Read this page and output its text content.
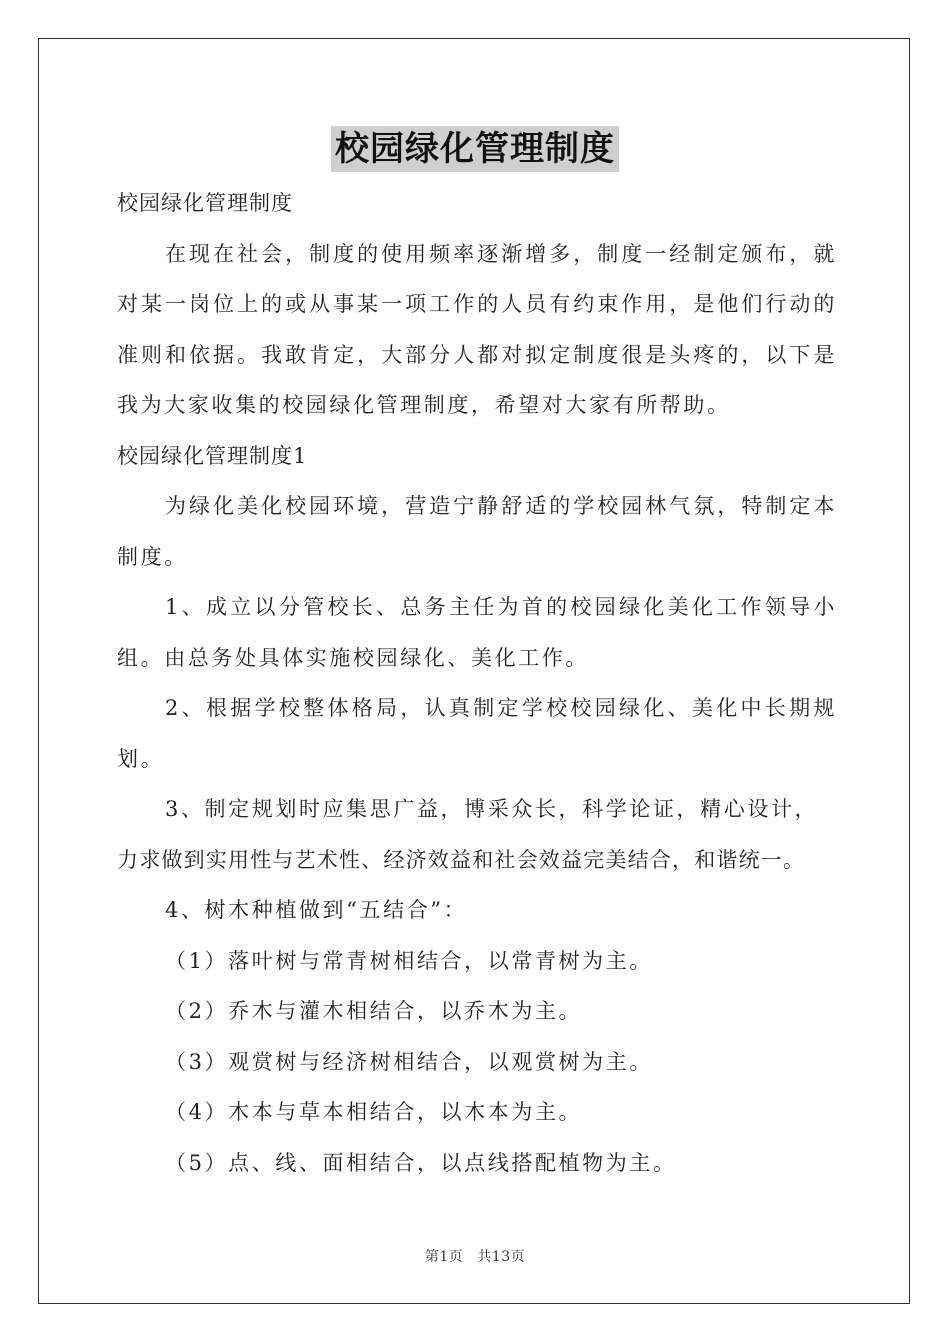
校园绿化管理制度

校园绿化管理制度

在现在社会，制度的使用频率逐渐增多，制度一经制定颁布，就对某一岗位上的或从事某一项工作的人员有约束作用，是他们行动的准则和依据。我敢肯定，大部分人都对拟定制度很是头疼的，以下是我为大家收集的校园绿化管理制度，希望对大家有所帮助。

校园绿化管理制度1

为绿化美化校园环境，营造宁静舒适的学校园林气氛，特制定本制度。

1、成立以分管校长、总务主任为首的校园绿化美化工作领导小组。由总务处具体实施校园绿化、美化工作。

2、根据学校整体格局，认真制定学校校园绿化、美化中长期规划。

3、制定规划时应集思广益，博采众长，科学论证，精心设计，

力求做到实用性与艺术性、经济效益和社会效益完美结合，和谐统一。

4、树木种植做到“五结合”：

（1）落叶树与常青树相结合，以常青树为主。

（2）乔木与灌木相结合，以乔木为主。

（3）观赏树与经济树相结合，以观赏树为主。

（4）木本与草本相结合，以木本为主。

（5）点、线、面相结合，以点线搭配植物为主。

第1页 共13页
